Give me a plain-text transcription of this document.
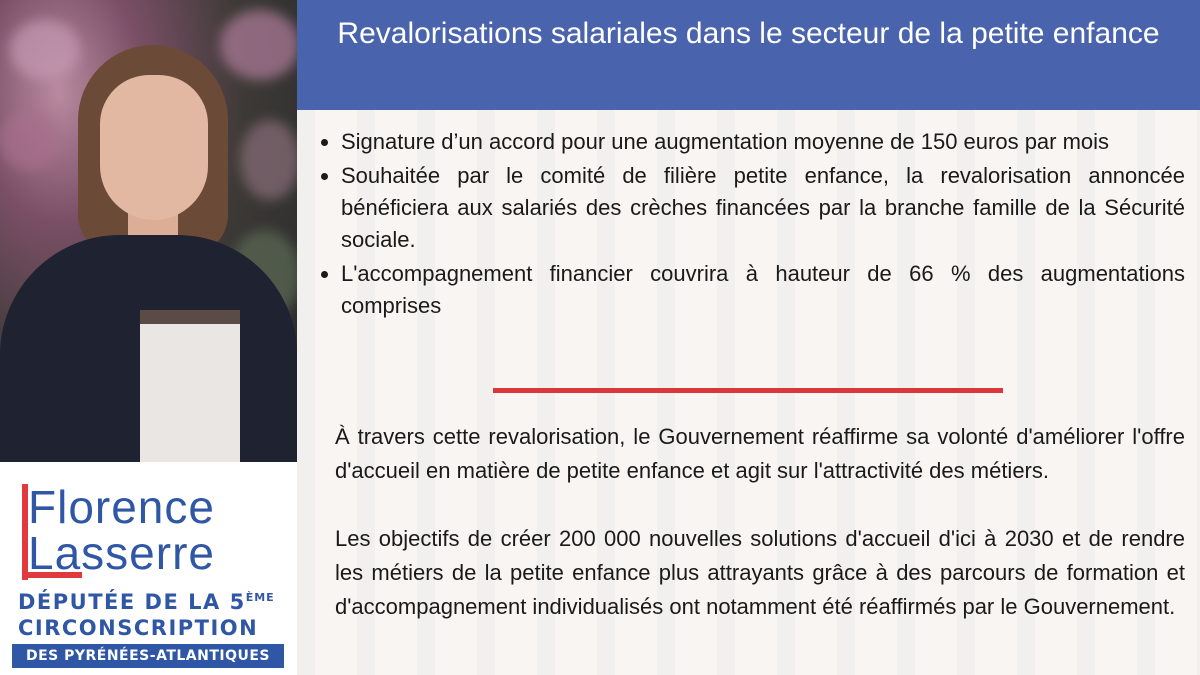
Florence
Lasserre
DÉPUTÉE DE LA 5ÈME
CIRCONSCRIPTION
DES PYRÉNÉES-ATLANTIQUES
Revalorisations salariales dans le secteur de la petite enfance
Signature d’un accord pour une augmentation moyenne de 150 euros par mois
Souhaitée par le comité de filière petite enfance, la revalorisation annoncée bénéficiera aux salariés des crèches financées par la branche famille de la Sécurité sociale.
L'accompagnement financier couvrira à hauteur de 66 % des augmentations comprises

À travers cette revalorisation, le Gouvernement réaffirme sa volonté d'améliorer l'offre d'accueil en matière de petite enfance et agit sur l'attractivité des métiers.

Les objectifs de créer 200 000 nouvelles solutions d'accueil d'ici à 2030 et de rendre les métiers de la petite enfance plus attrayants grâce à des parcours de formation et d'accompagnement individualisés ont notamment été réaffirmés par le Gouvernement.
